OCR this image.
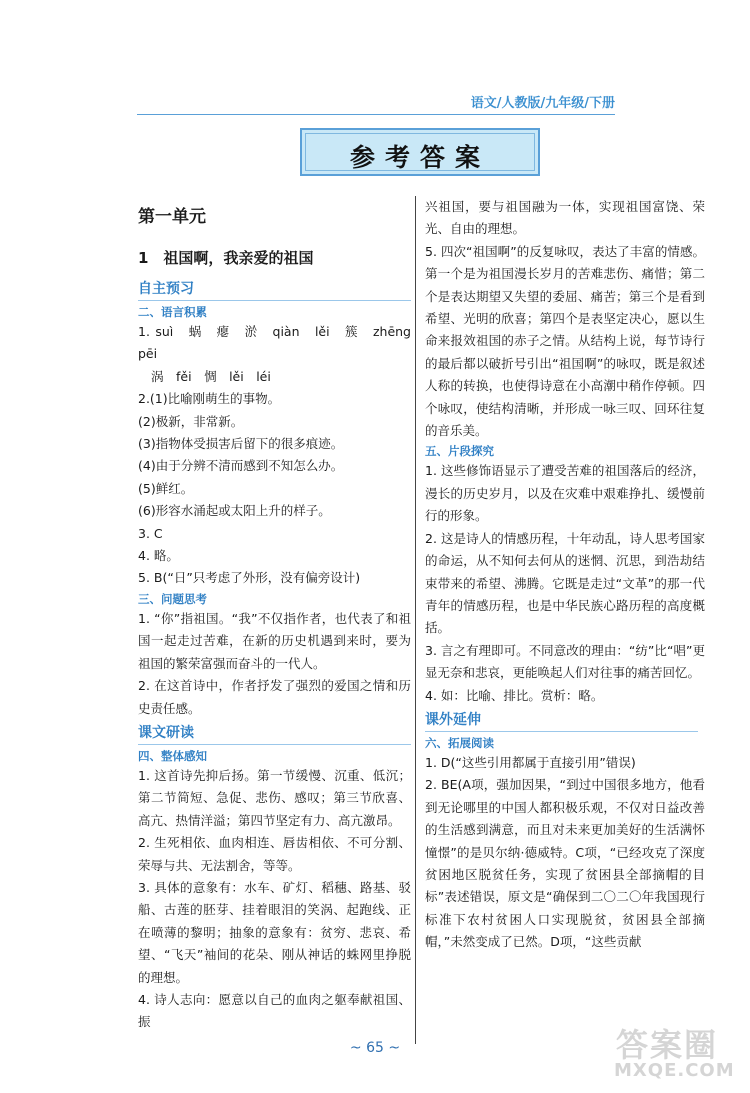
语文/人教版/九年级/下册
参考答案

第一单元

1　祖国啊，我亲爱的祖国

自主预习

二、语言积累

1. suì　蜗　瘪　淤　qiàn　lěi　簇　zhēng　pēi

涡　fěi　惆　lěi　léi

2.(1)比喻刚萌生的事物。

(2)极新，非常新。

(3)指物体受损害后留下的很多痕迹。

(4)由于分辨不清而感到不知怎么办。

(5)鲜红。

(6)形容水涌起或太阳上升的样子。

3. C

4. 略。

5. B(“日”只考虑了外形，没有偏旁设计)

三、问题思考

1. “你”指祖国。“我”不仅指作者，也代表了和祖国一起走过苦难，在新的历史机遇到来时，要为祖国的繁荣富强而奋斗的一代人。

2. 在这首诗中，作者抒发了强烈的爱国之情和历史责任感。

课文研读

四、整体感知

1. 这首诗先抑后扬。第一节缓慢、沉重、低沉；第二节简短、急促、悲伤、感叹；第三节欣喜、高亢、热情洋溢；第四节坚定有力、高亢激昂。

2. 生死相依、血肉相连、唇齿相依、不可分割、荣辱与共、无法割舍，等等。

3. 具体的意象有：水车、矿灯、稻穗、路基、驳船、古莲的胚芽、挂着眼泪的笑涡、起跑线、正在喷薄的黎明；抽象的意象有：贫穷、悲哀、希望、“飞天”袖间的花朵、刚从神话的蛛网里挣脱的理想。

4. 诗人志向：愿意以自己的血肉之躯奉献祖国、振

兴祖国，要与祖国融为一体，实现祖国富饶、荣光、自由的理想。

5. 四次“祖国啊”的反复咏叹，表达了丰富的情感。第一个是为祖国漫长岁月的苦难悲伤、痛惜；第二个是表达期望又失望的委屈、痛苦；第三个是看到希望、光明的欣喜；第四个是表坚定决心，愿以生命来报效祖国的赤子之情。从结构上说，每节诗行的最后都以破折号引出“祖国啊”的咏叹，既是叙述人称的转换，也使得诗意在小高潮中稍作停顿。四个咏叹，使结构清晰，并形成一咏三叹、回环往复的音乐美。

五、片段探究

1. 这些修饰语显示了遭受苦难的祖国落后的经济，漫长的历史岁月，以及在灾难中艰难挣扎、缓慢前行的形象。

2. 这是诗人的情感历程，十年动乱，诗人思考国家的命运，从不知何去何从的迷惘、沉思，到浩劫结束带来的希望、沸腾。它既是走过“文革”的那一代青年的情感历程，也是中华民族心路历程的高度概括。

3. 言之有理即可。不同意改的理由：“纺”比“唱”更显无奈和悲哀，更能唤起人们对往事的痛苦回忆。

4. 如：比喻、排比。赏析：略。

课外延伸

六、拓展阅读

1. D(“这些引用都属于直接引用”错误)

2. BE(A项，强加因果，“到过中国很多地方，他看到无论哪里的中国人都积极乐观，不仅对日益改善的生活感到满意，而且对未来更加美好的生活满怀憧憬”的是贝尔纳·德威特。C项，“已经攻克了深度贫困地区脱贫任务，实现了贫困县全部摘帽的目标”表述错误，原文是“确保到二〇二〇年我国现行标准下农村贫困人口实现脱贫，贫困县全部摘帽，”未然变成了已然。D项，“这些贡献

~ 65 ~	答案圈
MXQE.COM
